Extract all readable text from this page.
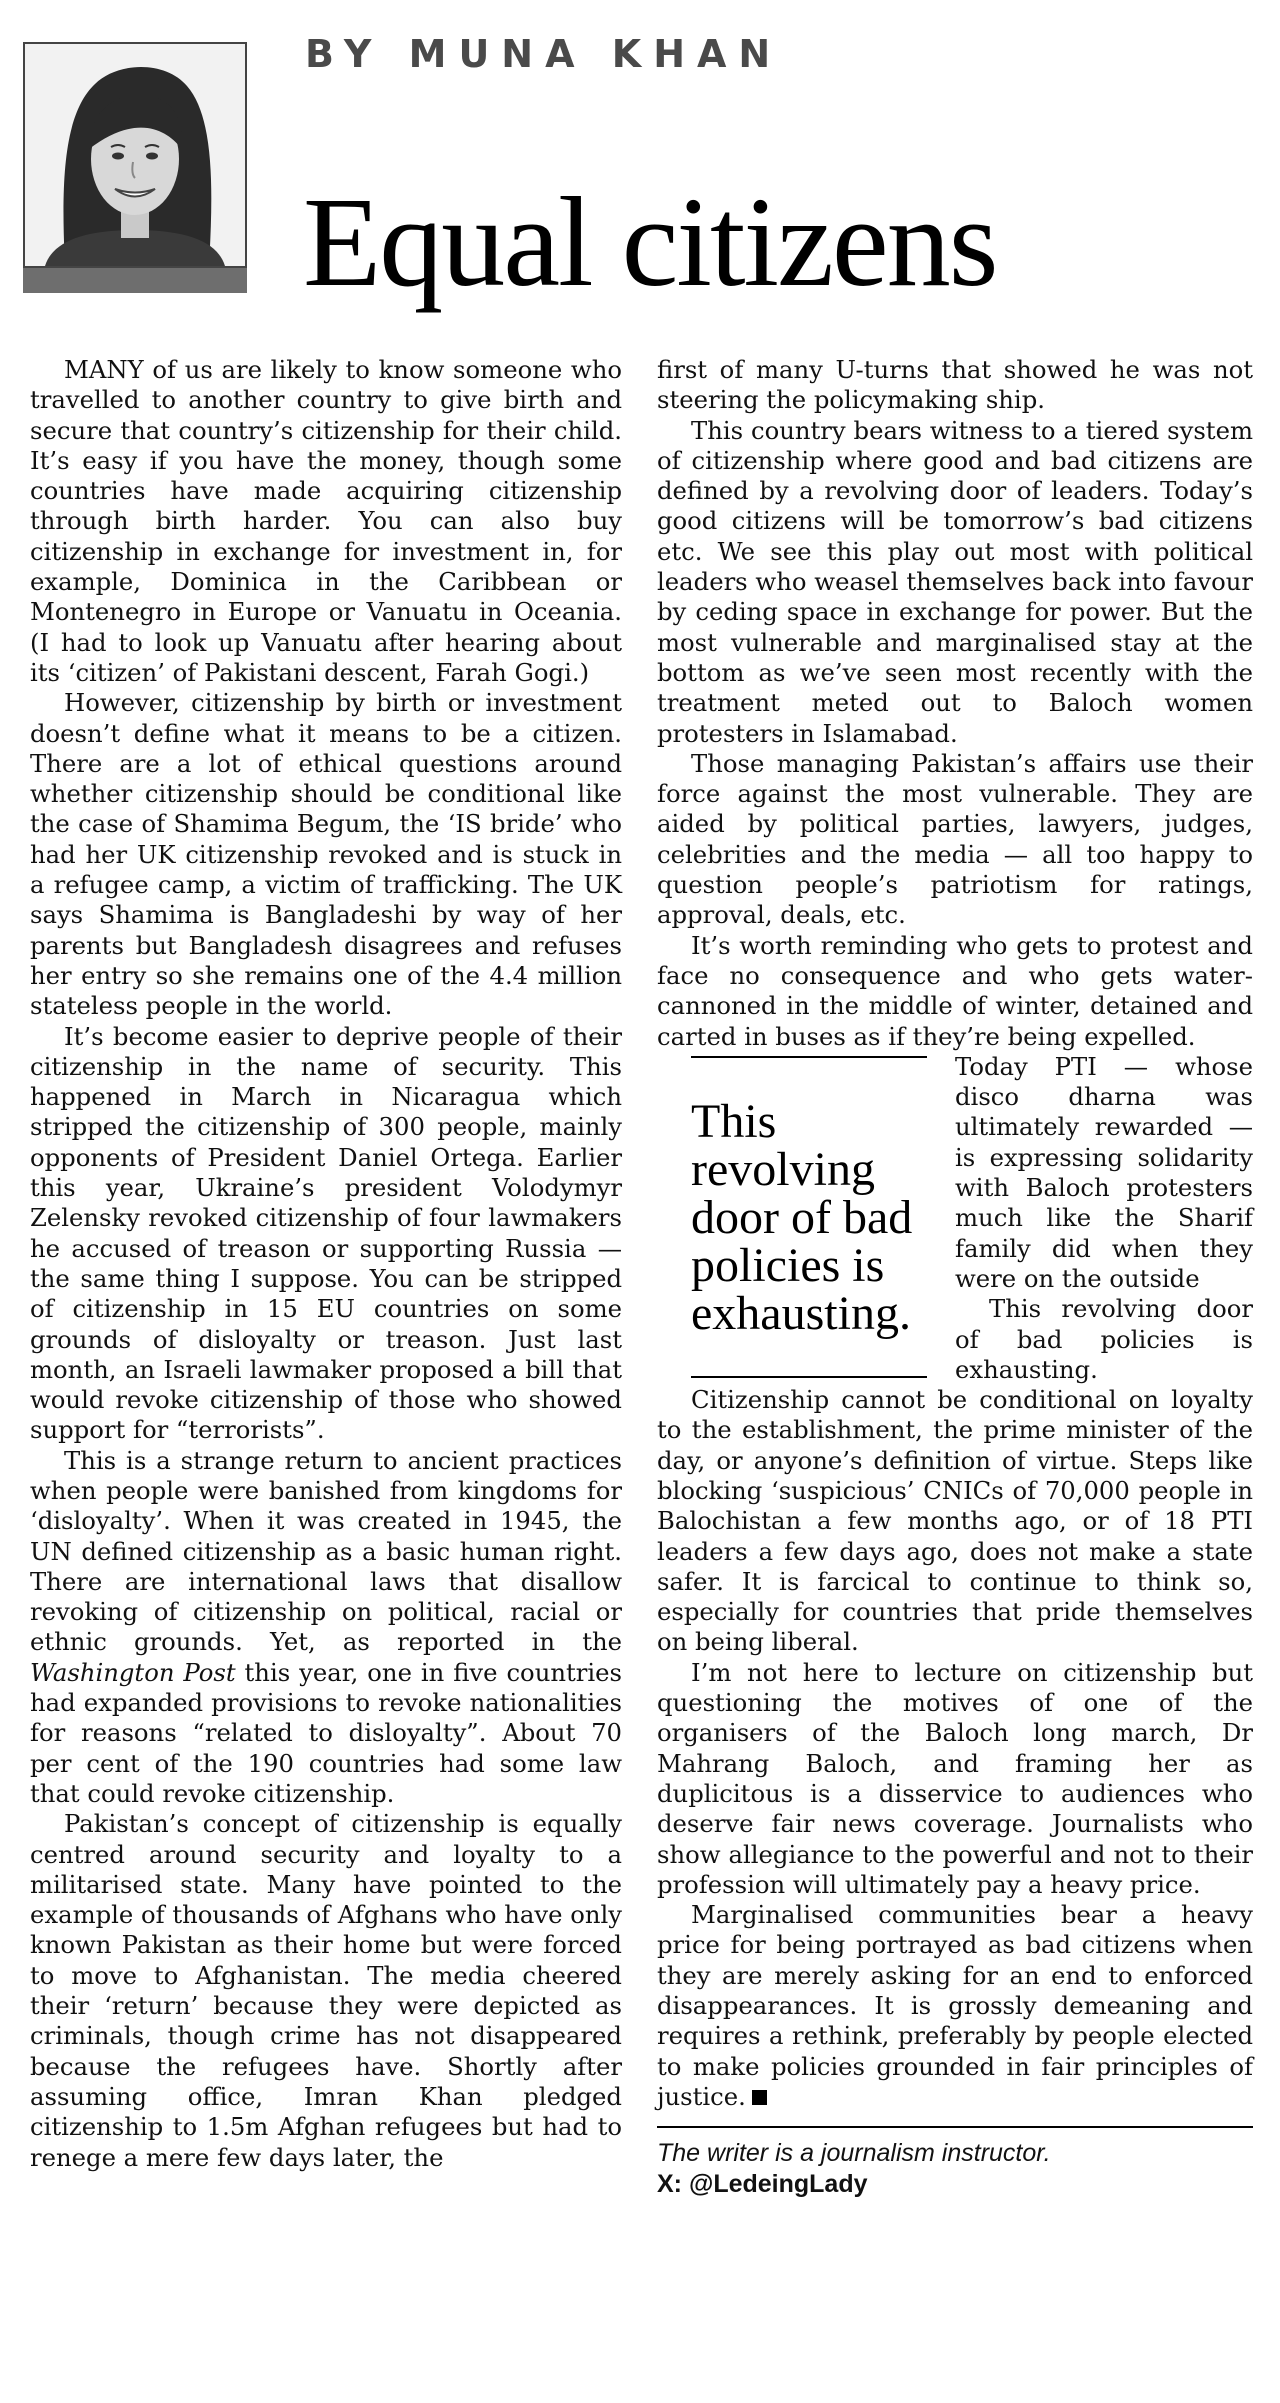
BY MUNA KHAN
Equal citizens

MANY of us are likely to know someone who travelled to another country to give birth and secure that country’s citizenship for their child. It’s easy if you have the money, though some countries have made acquiring citizenship through birth harder. You can also buy citizenship in exchange for investment in, for example, Dominica in the Caribbean or Montenegro in Europe or Vanuatu in Oceania. (I had to look up Vanuatu after hearing about its ‘citizen’ of Pakistani descent, Farah Gogi.)

However, citizenship by birth or investment doesn’t define what it means to be a citizen. There are a lot of ethical questions around whether citizenship should be conditional like the case of Shamima Begum, the ‘IS bride’ who had her UK citizenship revoked and is stuck in a refugee camp, a victim of trafficking. The UK says Shamima is Bangladeshi by way of her parents but Bangladesh disagrees and refuses her entry so she remains one of the 4.4 million stateless people in the world.

It’s become easier to deprive people of their citizenship in the name of security. This happened in March in Nicaragua which stripped the citizenship of 300 people, mainly opponents of President Daniel Ortega. Earlier this year, Ukraine’s president Volodymyr Zelensky revoked citizenship of four lawmakers he accused of treason or supporting Russia — the same thing I suppose. You can be stripped of citizenship in 15 EU countries on some grounds of disloyalty or treason. Just last month, an Israeli lawmaker proposed a bill that would revoke citizenship of those who showed support for “terrorists”.

This is a strange return to ancient practices when people were banished from kingdoms for ‘disloyalty’. When it was created in 1945, the UN defined citizenship as a basic human right. There are international laws that disallow revoking of citizenship on political, racial or ethnic grounds. Yet, as reported in the Washington Post this year, one in five countries had expanded provisions to revoke nationalities for reasons “related to disloyalty”. About 70 per cent of the 190 countries had some law that could revoke citizenship.

Pakistan’s concept of citizenship is equally centred around security and loyalty to a militarised state. Many have pointed to the example of thousands of Afghans who have only known Pakistan as their home but were forced to move to Afghanistan. The media cheered their ‘return’ because they were depicted as criminals, though crime has not disappeared because the refugees have. Shortly after assuming office, Imran Khan pledged citizenship to 1.5m Afghan refugees but had to renege a mere few days later, the

first of many U-turns that showed he was not steering the policymaking ship.

This country bears witness to a tiered system of citizenship where good and bad citizens are defined by a revolving door of leaders. Today’s good citizens will be tomorrow’s bad citizens etc. We see this play out most with political leaders who weasel themselves back into favour by ceding space in exchange for power. But the most vulnerable and marginalised stay at the bottom as we’ve seen most recently with the treatment meted out to Baloch women protesters in Islamabad.

Those managing Pakistan’s affairs use their force against the most vulnerable. They are aided by political parties, lawyers, judges, celebrities and the media — all too happy to question people’s patriotism for ratings, approval, deals, etc.

It’s worth reminding who gets to protest and face no consequence and who gets water-cannoned in the middle of winter, detained and carted in buses as if they’re being expelled.

This revolving door of bad policies is exhausting.

Today PTI — whose disco dharna was ultimately rewarded — is expressing solidarity with Baloch protesters much like the Sharif family did when they were on the outside

This revolving door of bad policies is exhausting.

Citizenship cannot be conditional on loyalty to the establishment, the prime minister of the day, or anyone’s definition of virtue. Steps like blocking ‘suspicious’ CNICs of 70,000 people in Balochistan a few months ago, or of 18 PTI leaders a few days ago, does not make a state safer. It is farcical to continue to think so, especially for countries that pride themselves on being liberal.

I’m not here to lecture on citizenship but questioning the motives of one of the organisers of the Baloch long march, Dr Mahrang Baloch, and framing her as duplicitous is a disservice to audiences who deserve fair news coverage. Journalists who show allegiance to the powerful and not to their profession will ultimately pay a heavy price.

Marginalised communities bear a heavy price for being portrayed as bad citizens when they are merely asking for an end to enforced disappearances. It is grossly demeaning and requires a rethink, preferably by people elected to make policies grounded in fair principles of justice.

The writer is a journalism instructor.
X: @LedeingLady
